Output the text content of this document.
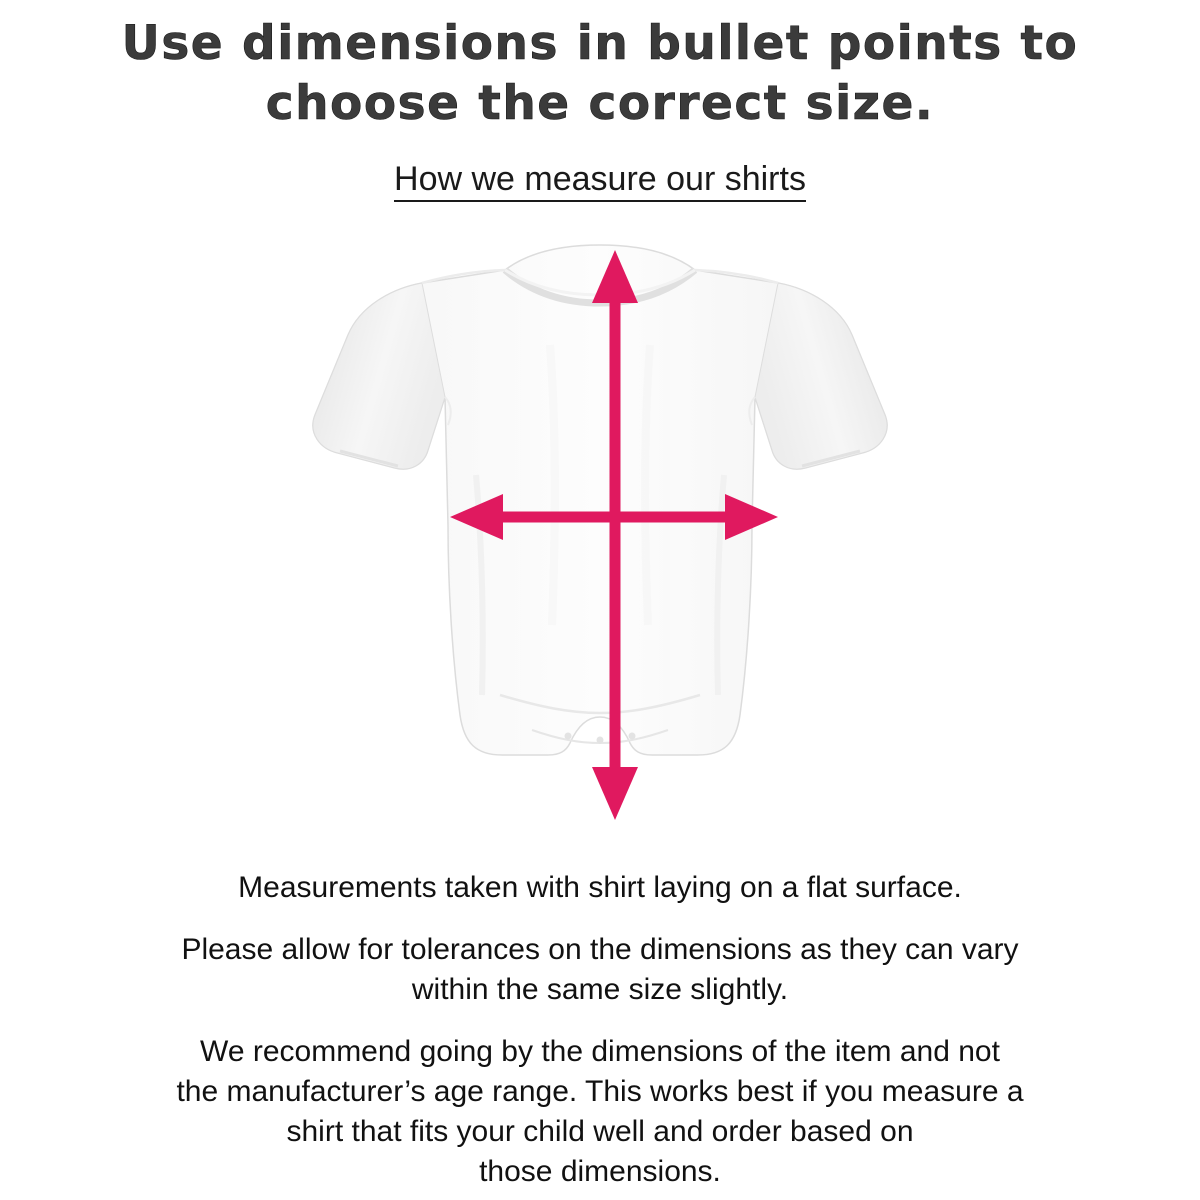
Use dimensions in bullet points to
choose the correct size.
How we measure our shirts

Measurements taken with shirt laying on a flat surface.

Please allow for tolerances on the dimensions as they can vary
within the same size slightly.

We recommend going by the dimensions of the item and not
the manufacturer’s age range. This works best if you measure a
shirt that fits your child well and order based on
those dimensions.
